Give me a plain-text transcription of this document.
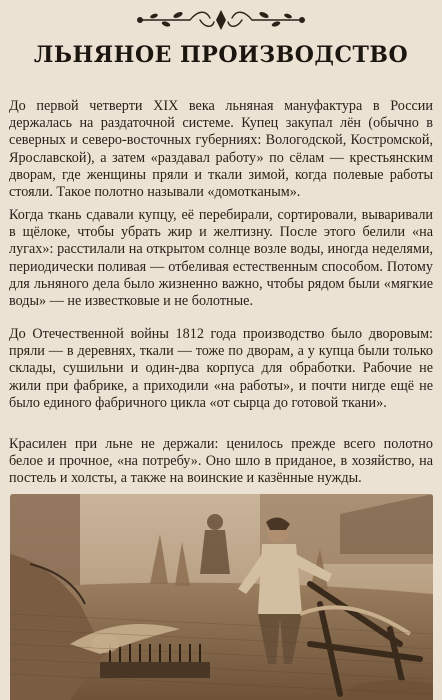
ЛЬНЯНОЕ ПРОИЗВОДСТВО

До первой четверти XIX века льняная мануфактура в России держалась на раздаточной системе. Купец закупал лён (обычно в северных и северо-восточных губерниях: Вологодской, Костромской, Ярославской), а затем «раздавал работу» по сёлам — крестьянским дворам, где женщины пряли и ткали зимой, когда полевые работы стояли. Такое полотно называли «домотканым».

Когда ткань сдавали купцу, её перебирали, сортировали, вываривали в щёлоке, чтобы убрать жир и желтизну. После этого белили «на лугах»: расстилали на открытом солнце возле воды, иногда неделями, периодически поливая — отбеливая естественным способом. Потому для льняного дела было жизненно важно, чтобы рядом были «мягкие воды» — не известковые и не болотные.

До Отечественной войны 1812 года производство было дворовым: пряли — в деревнях, ткали — тоже по дворам, а у купца были только склады, сушильни и один-два корпуса для обработки. Рабочие не жили при фабрике, а приходили «на работы», и почти нигде ещё не было единого фабричного цикла «от сырца до готовой ткани».

Красилен при льне не держали: ценилось прежде всего полотно белое и прочное, «на потребу». Оно шло в приданое, в хозяйство, на постель и холсты, а также на воинские и казённые нужды.
